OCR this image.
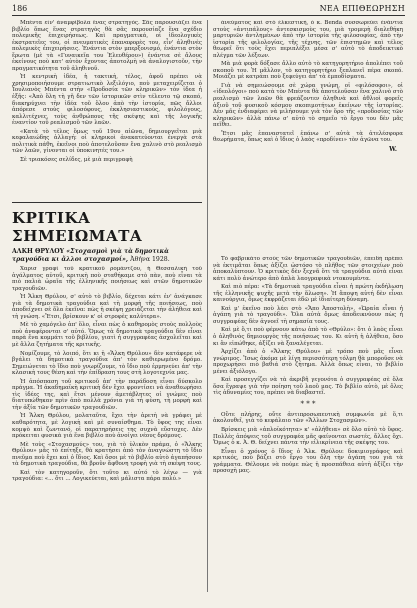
186	ΝΕΑ ΕΠΙΘΕΩΡΗΣΗ

Μπέντα εἶν' ἀναμφίβολα ἕνας στρατηγός. Σᾶς παρουσιάζει ἕνα βιβλίο ὅπως ἕνας στρατηγὸς θὰ σᾶς παρουσίαζε ἕνα σχέδιο πολεμικῆς ἐπιχειρήσεως. Καὶ πραγματικά, οἱ ἰδεολογικές ἐκστρατεῖες του, οἱ πνευματικὲς ἐπαναφορὲς του, εἶν' ἀληθινὲς πολεμικὲς ἐπιχειρήσεις. Ἐνάντια στὸν μπερξονισμό, ἐνάντια στὸν ἔρωτα (μὲ τὰ «Γυναικεῖα του Ἐλευθέρου») ἐνάντια σὲ ἄλους ἐκείνους ποὺ κατ' αὐτὸν ἔχοντας ἀποτολμὴ νὰ ἀναλογιστοῦν, τὴν πραγματικότητα τοῦ ἀληθινοῦ.

Ἡ κεντρικὴ ἰδέα, ἡ τακτικὴ, τέλος, ἀφοῦ πρέπει νὰ χρησιμοποιήσουμε στρατιωτικὸ λεξιλόγιο, ποὺ μεταχειρίζεται ὁ Ἰουλιανὸς Μπέντα στὴν «Προδοσία τῶν κληρικῶν» τὸν ἰδεα ἡ ἑξῆς: «Ἀπὸ ὅλη τὴ γῆ δεν τῶν ἱστορικῶν στὶν τέλευτο τῷ σκοπό, διακηρύχνει τὴν ἰδέα τοῦ ὅλου ἀπὸ τὴν ἱστορία, πῶς ἄλλοι ἀπόρεσε στοὺς φιλοσόφους, ἐκκλησιαστικοὺς, φιλολόγους, καλλιτέχνες, τοὺς ἀνθρώπους τῆς σκέψης καὶ τῆς λογικῆς ἐναντίον τοῦ ρεαλισμοῦ τῶν λαῶν.

«Κατὰ τὸ τέλος ὅμως τοῦ 19ου αἰῶνα, δημιουργεῖται μιὰ κεφαλαιώδης ἀλλαγή: οἱ κληρικοὶ ἀνακατεύονται ἐνεργὰ στὰ πολιτικὰ πάθη, ἐκεῖνοι ποὺ ἀποτελοῦσαν ἕνα χαλινὸ στὸ ρεαλισμὸ τῶν λαῶν, γίνονται οἱ ὑποκινητές του.»

Σὲ τριακόσες σελίδες, μὲ μιὰ περιγραφὴ

ΚΡΙΤΙΚΑ ΣΗΜΕΙΩΜΑΤΑ
ΑΛΚΗ ΘΡΥΛΟΥ «Στοχασμοὶ γιὰ τὰ δημοτικὰ τραγούδια κι ἄλλοι στοχασμοί», Ἀθήνα 1928.

Χαρισ γραφί τοῦ κρατικοῦ ρομάντζου, ἡ Θεσσαλικὴ τοῦ ἀγάλματος αὐτοῦ, κριτικὴ ποὺ σταθήκαμε στὸ πὰν, ποὺ εἶναι τὰ πιὸ παλιὰ ὡραῖα τῆς ἐλληνικῆς ποιήσεως καὶ στῶν δημοτικῶν τραγουδιῶν.

Ἡ Ἄλκη Θρύλου, σ' αὐτὸ τὸ βιβλίο, δέχεται κάτι ἐν' ἀνάγκασε γιὰ τὰ δημοτικὰ τραγούδια καὶ τὴ μορφὴ τῆς ποιήσεως, ποὺ ἀποδείχνει σὲ ὅλα ἐκεῖνα: πὼς ἡ σκέψη χρειάζεται τὴν ἀλήθεια καὶ τὴ γνώση. «Ἔτσι, βρίσκουν κ' οἱ στροφὲς καλύτερα».

Μὲ τὸ χαμόγελο ἀπ' ὅλο, εἶναι πὼς ὁ καθηρομὸς στοὺς πολλοὺς ποὺ ἀναφέρονται σ' αὐτό. Ὅμως τὰ δημοτικὰ τραγούδια δὲν εἶναι παρὰ ἕνα κομμάτι τοῦ βιβλίου, γιατὶ ἡ συγγραφέας ἀσχολεῖται καὶ μὲ ἄλλα ζητήματα τῆς κριτικῆς.

Νομίζουμε, τὸ λοιπό, ὅτι κι ἡ «Ἄλκη Θρύλου» δὲν κατάφερε νὰ βγάλει τὰ δημοτικὰ τραγούδια ἀπ' τὸν καθιερωμένο δρόμο. Σημειώνεται τὸ ἴδιο ποὺ γνωρίζουμε, τὸ ἴδιο ποὺ ἐρμηνεύει ἀπ' τὴν κλασικὴ τους θέση καὶ τὴν ἐπίδραση τους στὴ λογοτεχνία μας.

Ἡ ἀπόσπαση τοῦ κριτικοῦ ἀπ' τὴν παράδοση εἶναι δύσκολο πράγμα. Ἡ ἀκαδημαϊκὴ κριτικὴ δὲν ἔχει φροντίσει νὰ ἀναθεωρήσει τὶς ἰδέες της, καὶ ἔτσι μένουν ἀμετάβλητες οἱ γνώμες ποὺ διατυπώθηκαν πρὶν ἀπὸ πολλὰ χρόνια γιὰ τὴ φύση, τὴ μορφὴ καὶ τὴν ἀξία τῶν δημοτικῶν τραγουδιῶν.

Ἡ Ἄλκη Θρύλου, μολαταῦτα, ἔχει τὴν ἀρετὴ νὰ γράφει μὲ καθαρότητα, μὲ λογικὴ καὶ μὲ συναίσθημα. Τὸ ὕφος της εἶναι κομψὸ καὶ ζωντανό, οἱ παρατηρήσεις της συχνὰ εὔστοχες. Δὲν πρόκειται φυσικὰ γιὰ ἕνα βιβλίο ποὺ ἀνοίγει νέους δρόμους.

Μὲ τοὺς «Στοχασμούς» του, γιὰ τὸ ὑλικὸν πράμα, ὁ «Ἄλκης Θρύλου» μᾶς τὸ ἐπίτηξε, θὰ κρατήσει ἀπὸ τὸν ἀναγνώστη τὸ ἴδιο πνεῦμα ποὺ ἔχει καὶ ὁ ἴδιος. Καὶ ὅσοι μὲ τὸ βιβλίο αὐτὸ ἀγαπήσουν τὰ δημοτικὰ τραγούδια, θὰ βροῦν ἄφθονη τροφὴ γιὰ τὴ σκέψη τους.

Καὶ τὸν κατηγοροῦν, ὅτι τοῦτο κι αὐτό τὸ λέγω — γιὰ τραγούδια: «... ὅτι ... Λογικεύεται, καὶ μάλιστα πάρα πολύ.»

ἀνεύματος καὶ στὸ ἐλκεστικὴ, ὁ κ. Bendа συσσωρεύει ἐνάντια στοὺς «ἀντιπάλους» ἀντεσκισμοὺς του, μιὰ τρομερὴ διαλεθήκη μαρτυριῶν ἀντλημένων ἀπὸ τὴν ἱστορία τῆς φιλοσοφίας, ἀπὸ τὴν ἱστορία τῆς φιλολογίας, τῆς τέχνης, τῶν ἐπιστημῶν καὶ τέλος θεωρεῖ ὅτι τοὺς ἔχει περιπλέξει μέσα σ' αὐτὸ τὸ ἀποδεικτικὸ πλέγμα τῶν λέξεων.

Μὰ μιὰ φορὰ δόξασε ἄλλο αὐτὸ τὸ κατηγορητήριο ἀπολέπει τοῦ σκοποῦ του. Ἡ μᾶλλον, τὸ κατηγορητήριο ξεπλανεῖ πέρα σκοπό. Μοιάζει μὲ κατράπι ποὺ ξεφεύγει ἀπ' τὰ ἐμποδίσματα.

Γιὰ νὰ σημειώσουμε σὲ χώρα γνώμη, οἱ «φιλόσοφοι», οἱ «ἰδεολόγοι» ποὺ κατὰ τὸν Μπέντα θὰ ἀποτελοῦσαν ἕνα χαλινὸ στὸ ρεαλισμὸ τῶν λαῶν θὰ φρεάζοντεν ἀληθινὰ καὶ ἀθλιοὶ φορεῖς ἀξιοῦ τοῦ φυσικοῦ κόσμου σκοπιμοτήτων ἐκείνων τῆς ἱστορίας. Δὲν μᾶς ἐνδιαφέρει νὰ μιλήσουμε γιὰ τὸν ὅρο τῆς «προδοσίας τῶν κληρικῶν» ἀλλὰ πάνω σ' αὐτὸ τὸ σημεῖο τὸ ἔργο του δὲν μᾶς πεῖθει.

Ἔτσι μᾶς ἐπαναστατεῖ ἐπάνω σ' αὐτὰ τὰ ἀτελέσφορα θεωρήματα, ὅπως καὶ ὁ ἴδιος ὁ λαὸς «προδίνει» τὸν ἀγῶνα του.

W.

Τὸ φαβρικάτο στοὺς τῶν δημοτικῶν τραγουδιῶν, ἐπειδὴ πρέπει νὰ ἐκτιμᾶται ὅπως ἀξίζει ὡστόσο τὸ πλῆθος τῶν στοιχείων ποὺ ἀποκαλύπτουν. Ὁ κριτικὸς δὲν ξεχνᾶ ὅτι τὰ τραγούδια αὐτὰ εἶναι κάτι πολὺ ἀνώτερο ἀπὸ ἁπλὰ λαογραφικὰ ντοκουμέντα.

Καὶ πιὸ πέρα: «Τὰ δημοτικὰ τραγούδια εἶναι ἡ πρώτη ἐκδήλωση τῆς ἑλληνικῆς ψυχῆς μετὰ τὴν ἅλωση». Ἡ ἄποψη αὐτή δὲν εἶναι καινούργια, ὅμως ἐκφράζεται ἐδῶ μὲ ἰδιαίτερη δύναμη.

Καὶ μ' ἐκεῖνο ποὺ λέει στὸ «Ἄπο Ἀποστολὴ», «Ὡραία εἶναι ἡ ἀγάπη γιὰ τὸ τραγούδι». Ὅλα αὐτὰ ὅμως ἀποδεικνύουν πὼς ἡ συγγραφέας δὲν ἀγνοεῖ τὴ σημασία τους.

Καὶ μὲ ὅ,τι ποὺ φέρνουν κάτω ἀπὸ τὸ «Θρύλο»: ὅτι ὁ λαὸς εἶναι ὁ ἀληθινὸς δημιουργὸς τῆς ποιήσεως του. Κι αὐτὴ ἡ ἀλήθεια, ὅσο κι ἂν εἰπώθηκε, ἀξίζει νὰ ξαναλέγεται.

Ἀρχίζει ἀπὸ ὁ «Ἄλκης Θρύλου» μὲ τρόπο ποὺ μᾶς εἶναι γνώριμος. Ἴσως ἀκόμα μὲ λίγη περισσότερη τόλμη θὰ μποροῦσε νὰ προχωρήσει πιὸ βαθιά στὸ ζήτημα. Ἀλλὰ ὅπως εἶναι, τὸ βιβλίο μένει ἀξιόλογο.

Καὶ προσεγγίζει νὰ τὰ ἀκριβῆ γεγονότα ὁ συγγραφέας σὲ ὅλα ὅσα ἔγραψε γιὰ τὴν ποίηση τοῦ λαοῦ μας. Τὸ βιβλίο αὐτὸ, μὲ ὅλες τὶς ἀδυναμίες του, πρέπει νὰ διαβαστεῖ.

* * *

Οὔτε πλήρης, οὔτε ἀντιπροσωπευτικὴ συμφωνία μὲ ὅ,τι ἀκολουθεῖ, γιὰ τὸ κεφάλαιο τῶν «Ἄλλων Στοχασμῶν».

Βρίσκεις μιὰ «ἀπλοϊκότητα» κ' «ἀλήθεια» σὲ ὅλο αὐτὸ τὸ ὕφος. Πολλὲς ἀπόψεις τοῦ συγγραφέα μᾶς φαίνονται σωστές, ἄλλες ὄχι. Ὅμως ὁ κ. Ἀ. Θ. δείχνει πάντα τὴν εἰλικρίνεια τῆς σκέψης του.

Εἶναι ὁ χρόνος ὁ ἴδιος ὁ Ἄλκ. Θρύλου: δοκιμιογράφος καὶ κριτικός, ποὺ βάζει στὸ ἔργο του ὅλη τὴν ἀγάπη του γιὰ τὰ γράμματα. Θέλουμε νὰ πούμε πὼς ἡ προσπάθεια αὐτὴ ἀξίζει τὴν προσοχὴ μας.
